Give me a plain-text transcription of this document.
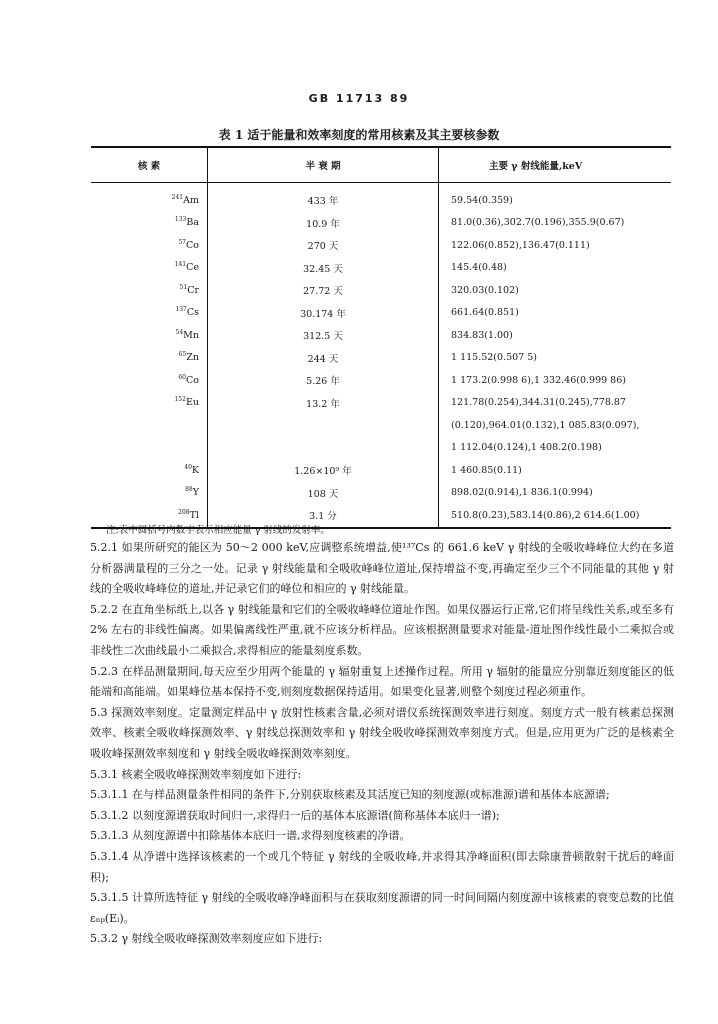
GB 11713 89
表 1 适于能量和效率刻度的常用核素及其主要核参数
核 素	半 衰 期	主要 γ 射线能量,keV
$^{241}$Am	433 年	59.54(0.359)
$^{133}$Ba	10.9 年	81.0(0.36),302.7(0.196),355.9(0.67)
$^{57}$Co	270 天	122.06(0.852),136.47(0.111)
$^{141}$Ce	32.45 天	145.4(0.48)
$^{51}$Cr	27.72 天	320.03(0.102)
$^{137}$Cs	30.174 年	661.64(0.851)
$^{54}$Mn	312.5 天	834.83(1.00)
$^{65}$Zn	244 天	1 115.52(0.507 5)
$^{60}$Co	5.26 年	1 173.2(0.998 6),1 332.46(0.999 86)
$^{152}$Eu	13.2 年	121.78(0.254),344.31(0.245),778.87
		(0.120),964.01(0.132),1 085.83(0.097),
		1 112.04(0.124),1 408.2(0.198)
$^{40}$K	1.26×10⁹ 年	1 460.85(0.11)
$^{88}$Y	108 天	898.02(0.914),1 836.1(0.994)
$^{208}$Tl	3.1 分	510.8(0.23),583.14(0.86),2 614.6(1.00)
注:表中圆括号内数字表示相应能量 γ 射线的发射率。

5.2.1 如果所研究的能区为 50～2 000 keV,应调整系统增益,使¹³⁷Cs 的 661.6 keV γ 射线的全吸收峰峰位大约在多道分析器满量程的三分之一处。记录 γ 射线能量和全吸收峰峰位道址,保持增益不变,再确定至少三个不同能量的其他 γ 射线的全吸收峰峰位的道址,并记录它们的峰位和相应的 γ 射线能量。

5.2.2 在直角坐标纸上,以各 γ 射线能量和它们的全吸收峰峰位道址作图。如果仪器运行正常,它们将呈线性关系,或至多有 2% 左右的非线性偏离。如果偏离线性严重,就不应该分析样品。应该根据测量要求对能量-道址图作线性最小二乘拟合或非线性二次曲线最小二乘拟合,求得相应的能量刻度系数。

5.2.3 在样品测量期间,每天应至少用两个能量的 γ 辐射重复上述操作过程。所用 γ 辐射的能量应分别靠近刻度能区的低能端和高能端。如果峰位基本保持不变,则刻度数据保持适用。如果变化显著,则整个刻度过程必须重作。

5.3 探测效率刻度。定量测定样品中 γ 放射性核素含量,必须对谱仪系统探测效率进行刻度。刻度方式一般有核素总探测效率、核素全吸收峰探测效率、γ 射线总探测效率和 γ 射线全吸收峰探测效率刻度方式。但是,应用更为广泛的是核素全吸收峰探测效率刻度和 γ 射线全吸收峰探测效率刻度。

5.3.1 核素全吸收峰探测效率刻度如下进行:

5.3.1.1 在与样品测量条件相同的条件下,分别获取核素及其活度已知的刻度源(或标准源)谱和基体本底源谱;

5.3.1.2 以刻度源谱获取时间归一,求得归一后的基体本底源谱(简称基体本底归一谱);

5.3.1.3 从刻度源谱中扣除基体本底归一谱,求得刻度核素的净谱。

5.3.1.4 从净谱中选择该核素的一个或几个特征 γ 射线的全吸收峰,并求得其净峰面积(即去除康普顿散射干扰后的峰面积);

5.3.1.5 计算所选特征 γ 射线的全吸收峰净峰面积与在获取刻度源谱的同一时间间隔内刻度源中该核素的衰变总数的比值 εₙₚ(Eᵢ)。

5.3.2 γ 射线全吸收峰探测效率刻度应如下进行:
